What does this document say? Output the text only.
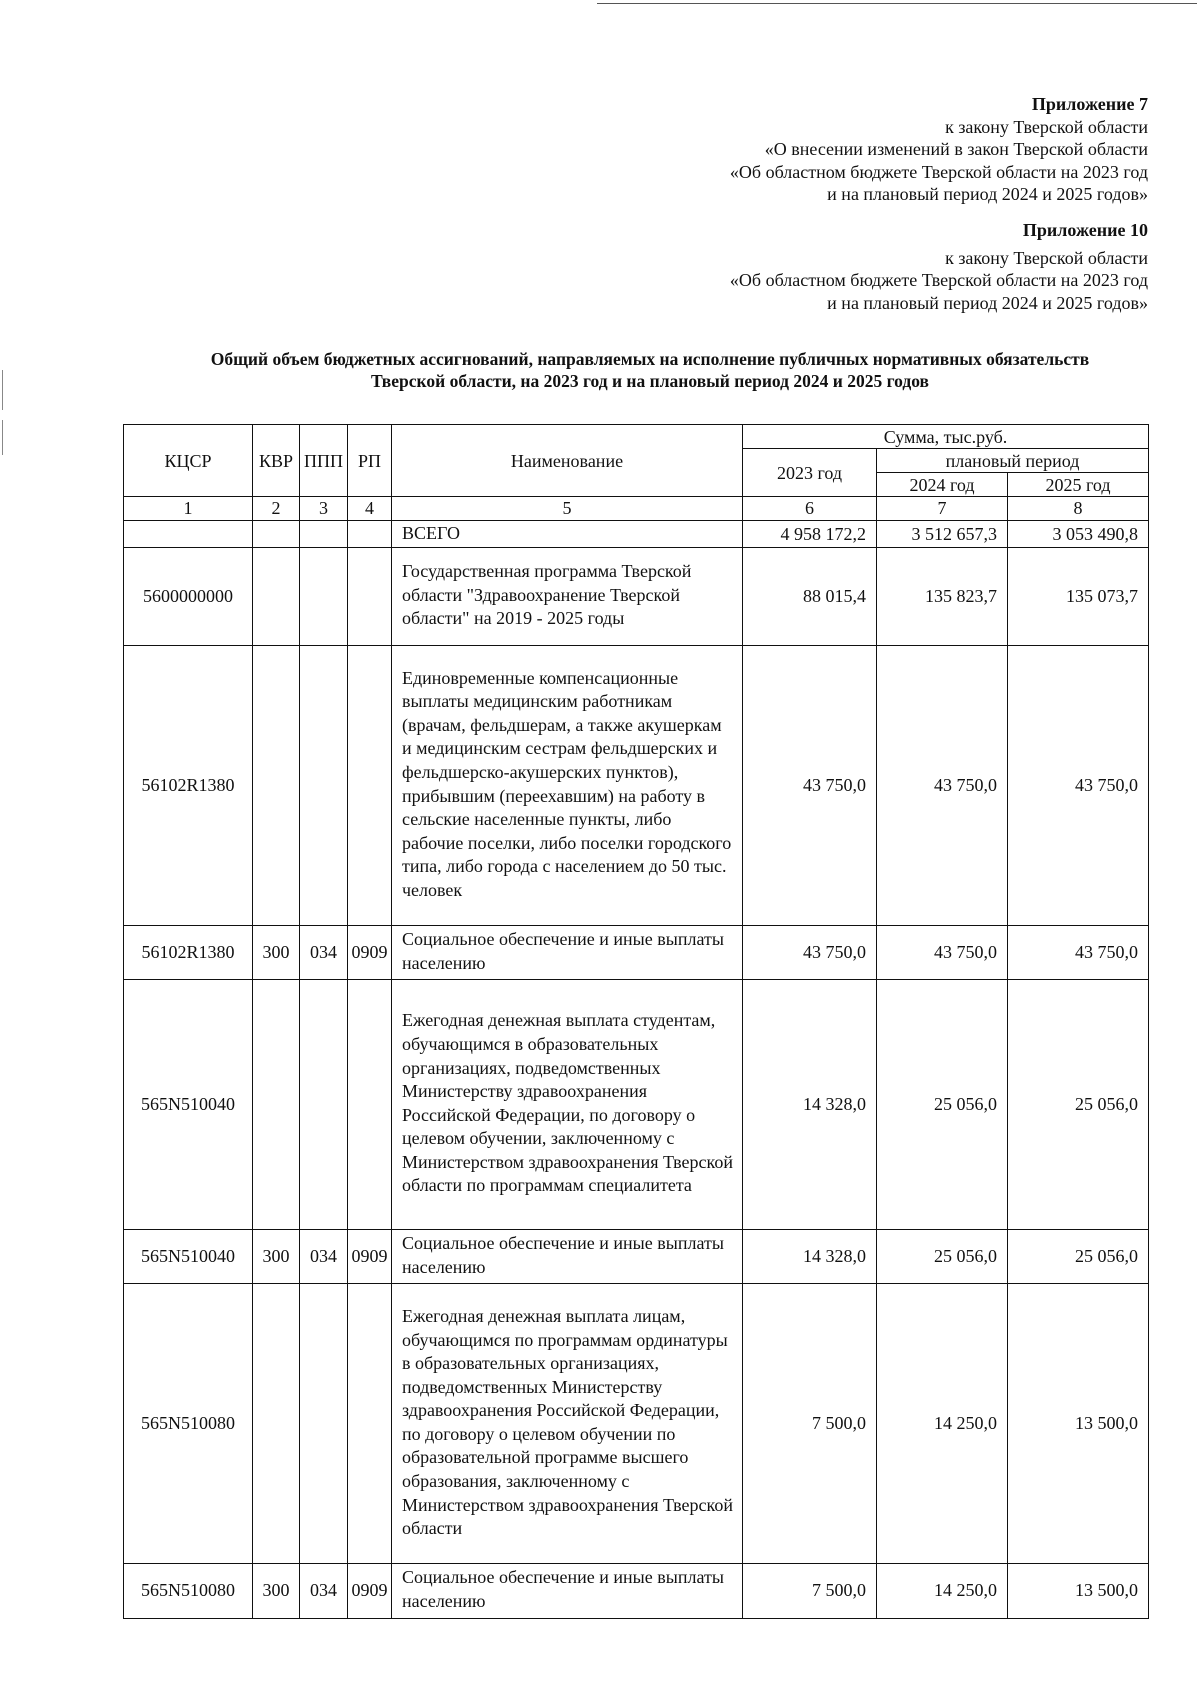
Приложение 7
к закону Тверской области
«О внесении изменений в закон Тверской области
«Об областном бюджете Тверской области на 2023 год
и на плановый период 2024 и 2025 годов»
Приложение 10
к закону Тверской области
«Об областном бюджете Тверской области на 2023 год
и на плановый период 2024 и 2025 годов»
Общий объем бюджетных ассигнований, направляемых на исполнение публичных нормативных обязательств
Тверской области, на 2023 год и на плановый период 2024 и 2025 годов
КЦСР	КВР	ППП	РП	Наименование	Сумма, тыс.руб.		
					2023 год	плановый период	
						2024 год	2025 год
1	2	3	4	5	6	7	8
				ВСЕГО	4 958 172,2	3 512 657,3	3 053 490,8
5600000000				Государственная программа Тверской области "Здравоохранение Тверской области" на 2019 - 2025 годы	88 015,4	135 823,7	135 073,7
56102R1380				Единовременные компенсационные выплаты медицинским работникам (врачам, фельдшерам, а также акушеркам и медицинским сестрам фельдшерских и фельдшерско-акушерских пунктов), прибывшим (переехавшим) на работу в сельские населенные пункты, либо рабочие поселки, либо поселки городского типа, либо города с населением до 50 тыс. человек	43 750,0	43 750,0	43 750,0
56102R1380	300	034	0909	Социальное обеспечение и иные выплаты населению	43 750,0	43 750,0	43 750,0
565N510040				Ежегодная денежная выплата студентам, обучающимся в образовательных организациях, подведомственных Министерству здравоохранения Российской Федерации, по договору о целевом обучении, заключенному с Министерством здравоохранения Тверской области по программам специалитета	14 328,0	25 056,0	25 056,0
565N510040	300	034	0909	Социальное обеспечение и иные выплаты населению	14 328,0	25 056,0	25 056,0
565N510080				Ежегодная денежная выплата лицам, обучающимся по программам ординатуры в образовательных организациях, подведомственных Министерству здравоохранения Российской Федерации, по договору о целевом обучении по образовательной программе высшего образования, заключенному с Министерством здравоохранения Тверской области	7 500,0	14 250,0	13 500,0
565N510080	300	034	0909	Социальное обеспечение и иные выплаты населению	7 500,0	14 250,0	13 500,0
